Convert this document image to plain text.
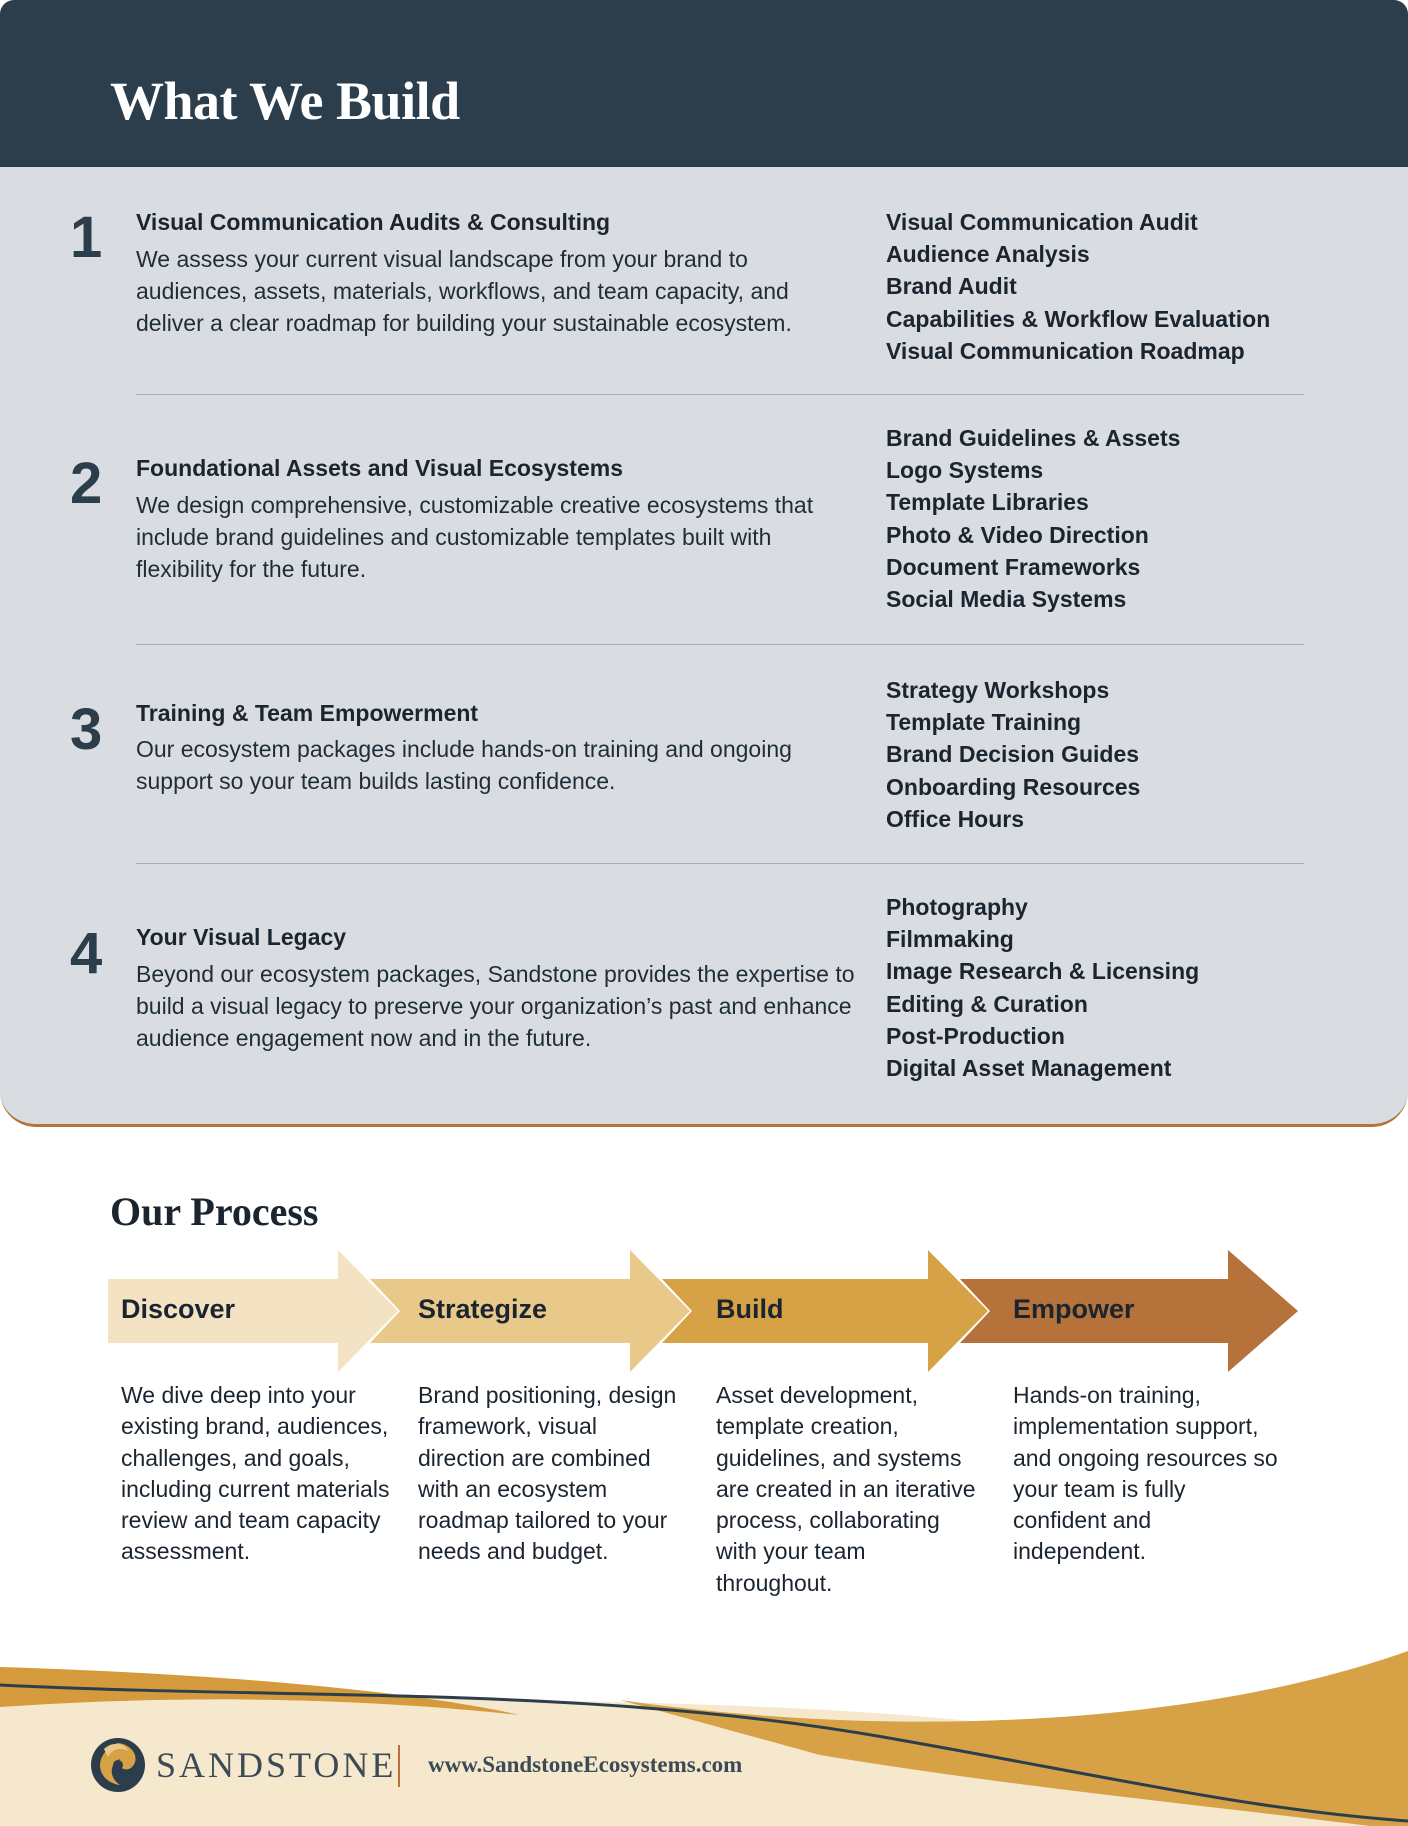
What We Build
1 Visual Communication Audits & Consulting
We assess your current visual landscape from your brand to audiences, assets, materials, workflows, and team capacity, and deliver a clear roadmap for building your sustainable ecosystem.
Visual Communication Audit
Audience Analysis
Brand Audit
Capabilities & Workflow Evaluation
Visual Communication Roadmap
2 Foundational Assets and Visual Ecosystems
We design comprehensive, customizable creative ecosystems that include brand guidelines and customizable templates built with flexibility for the future.
Brand Guidelines & Assets
Logo Systems
Template Libraries
Photo & Video Direction
Document Frameworks
Social Media Systems
3 Training & Team Empowerment
Our ecosystem packages include hands-on training and ongoing support so your team builds lasting confidence.
Strategy Workshops
Template Training
Brand Decision Guides
Onboarding Resources
Office Hours
4 Your Visual Legacy
Beyond our ecosystem packages, Sandstone provides the expertise to build a visual legacy to preserve your organization’s past and enhance audience engagement now and in the future.
Photography
Filmmaking
Image Research & Licensing
Editing & Curation
Post-Production
Digital Asset Management
Our Process
Discover	Strategize	Build	Empower
We dive deep into your existing brand, audiences, challenges, and goals, including current materials review and team capacity assessment.
Brand positioning, design framework, visual direction are combined with an ecosystem roadmap tailored to your needs and budget.
Asset development, template creation, guidelines, and systems are created in an iterative process, collaborating with your team throughout.
Hands-on training, implementation support, and ongoing resources so your team is fully confident and independent.
SANDSTONE www.SandstoneEcosystems.com
